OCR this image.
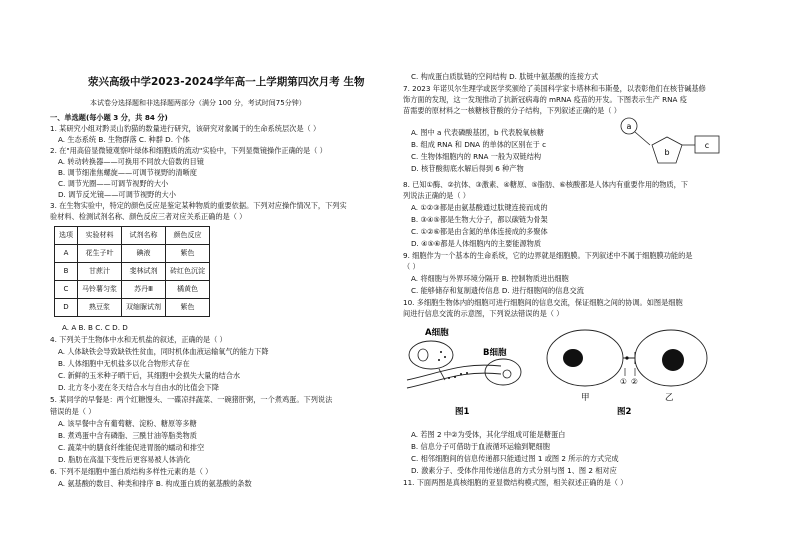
荥兴高级中学2023-2024学年高一上学期第四次月考 生物
本试卷分选择题和非选择题两部分（满分 100 分，考试时间75分钟）
一、单选题(每小题 3 分，共 84 分)
1. 某研究小组对黔灵山豹猫的数量进行研究，该研究对象属于的生命系统层次是（ ）
A. 生态系统 B. 生物群落 C. 种群 D. 个体
2. 在"用高倍显微镜观察叶绿体和细胞质的流动"实验中，下列显微镜操作正确的是（ ）
A. 转动转换器——可换用不同放大倍数的目镜
B. 调节细准焦螺旋——可调节视野的清晰度
C. 调节光圈——可调节视野的大小
D. 调节反光镜——可调节视野的大小
3. 在生物实验中，特定的颜色反应是鉴定某种物质的重要依据。下列对应操作情况下，下列实
验材料、检测试剂名称、颜色反应三者对应关系正确的是（ ）
选项	实验材料	试剂名称	颜色反应
A	花生子叶	碘液	紫色
B	甘蔗汁	斐林试剂	砖红色沉淀
C	马铃薯匀浆	苏丹Ⅲ	橘黄色
D	熟豆浆	双缩脲试剂	紫色
A. A B. B C. C D. D
4. 下列关于生物体中水和无机盐的叙述，正确的是（ ）
A. 人体缺铁会导致缺铁性贫血，同时机体血液运输氧气的能力下降
B. 人体细胞中无机盐多以化合物形式存在
C. 新鲜的玉米种子晒干后，其细胞中会损失大量的结合水
D. 北方冬小麦在冬天结合水与自由水的比值会下降
5. 某同学的早餐是：两个红糖馒头、一碟凉拌蔬菜、一碗猪肝粥，一个煮鸡蛋。下列说法
错误的是（ ）
A. 该早餐中含有葡萄糖、淀粉、糖原等多糖
B. 煮鸡蛋中含有磷脂、三酰甘油等脂类物质
C. 蔬菜中的膳食纤维能促进胃肠的蠕动和排空
D. 脂肪在高温下变性后更容易被人体消化
6. 下列不是细胞中蛋白质结构多样性元素的是（ ）
A. 氨基酸的数目、种类和排序 B. 构成蛋白质的氨基酸的条数
C. 构成蛋白质肽链的空间结构 D. 肽链中氨基酸的连接方式
7. 2023 年诺贝尔生理学或医学奖颁给了美国科学家卡塔林和韦斯曼，以表彰他们在核苷碱基修
饰方面的发现，这一发现推动了抗新冠病毒的 mRNA 疫苗的开发。下图表示生产 RNA 疫
苗需要的原材料之一核糖核苷酸的分子结构，下列叙述正确的是（ ）
A. 图中 a 代表磷酸基团，b 代表脱氧核糖
B. 组成 RNA 和 DNA 的单体的区别在于 c
C. 生物体细胞内的 RNA 一般为双链结构
D. 核苷酸彻底水解后得到 6 种产物
a
b
c
8. 已知①酶、②抗体、③激素、④糖原、⑤脂肪、⑥核酸都是人体内有重要作用的物质，下
列说法正确的是（ ）
A. ①②③都是由氨基酸通过肽键连接而成的
B. ③④⑤都是生物大分子，都以碳链为骨架
C. ①②⑥都是由含氮的单体连接成的多聚体
D. ④⑤⑥都是人体细胞内的主要能源物质
9. 细胞作为一个基本的生命系统，它的边界就是细胞膜。下列叙述中不属于细胞膜功能的是
（ ）
A. 将细胞与外界环境分隔开 B. 控制物质进出细胞
C. 能够储存和复制遗传信息 D. 进行细胞间的信息交流
10. 多细胞生物体内的细胞可进行细胞间的信息交流，保证细胞之间的协调。如图是细胞
间进行信息交流的示意图，下列说法错误的是（ ）
A细胞
B细胞
图1
① ②
甲	乙
图2
A. 若图 2 中②为受体，其化学组成可能是糖蛋白
B. 信息分子可借助于血液循环运输到靶细胞
C. 相邻细胞间的信息传递都只能通过图 1 或图 2 所示的方式完成
D. 激素分子、受体作用传递信息的方式分别与图 1、图 2 相对应
11. 下面两图是真核细胞的亚显微结构模式图，相关叙述正确的是（ ）
